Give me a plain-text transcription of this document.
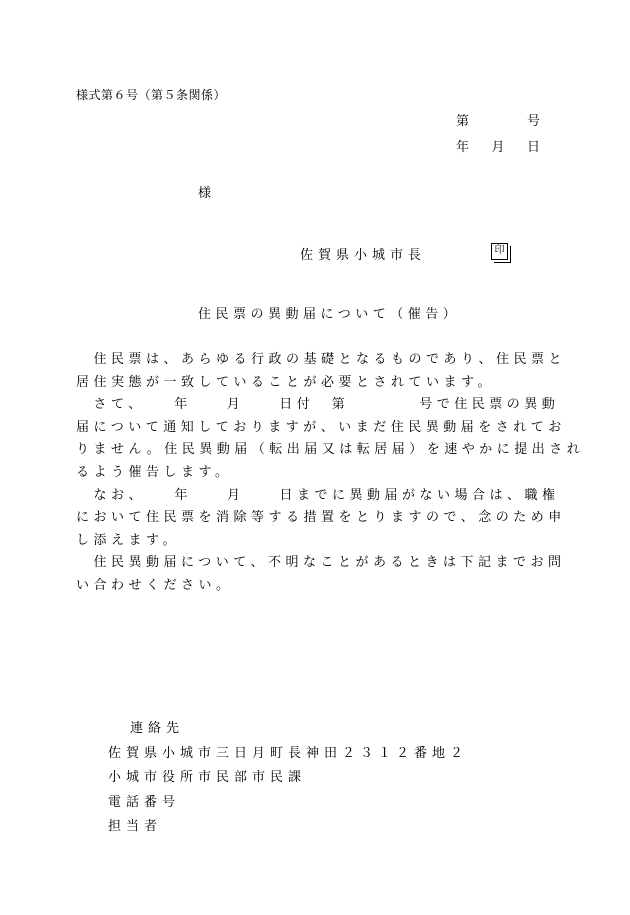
様式第６号（第５条関係）
第	号
年 月 日
様
佐賀県小城市長	印
住民票の異動届について（催告）

　住民票は、あらゆる行政の基礎となるものであり、住民票と

居住実態が一致していることが必要とされています。

　さて、　　年　　月　　日付　第　　　　号で住民票の異動

届について通知しておりますが、いまだ住民異動届をされてお

りません。住民異動届（転出届又は転居届）を速やかに提出され

るよう催告します。

　なお、　　年　　月　　日までに異動届がない場合は、職権

において住民票を消除等する措置をとりますので、念のため申

し添えます。

　住民異動届について、不明なことがあるときは下記までお問

い合わせください。

連絡先
佐賀県小城市三日月町長神田２３１２番地２
小城市役所市民部市民課
電話番号
担当者
